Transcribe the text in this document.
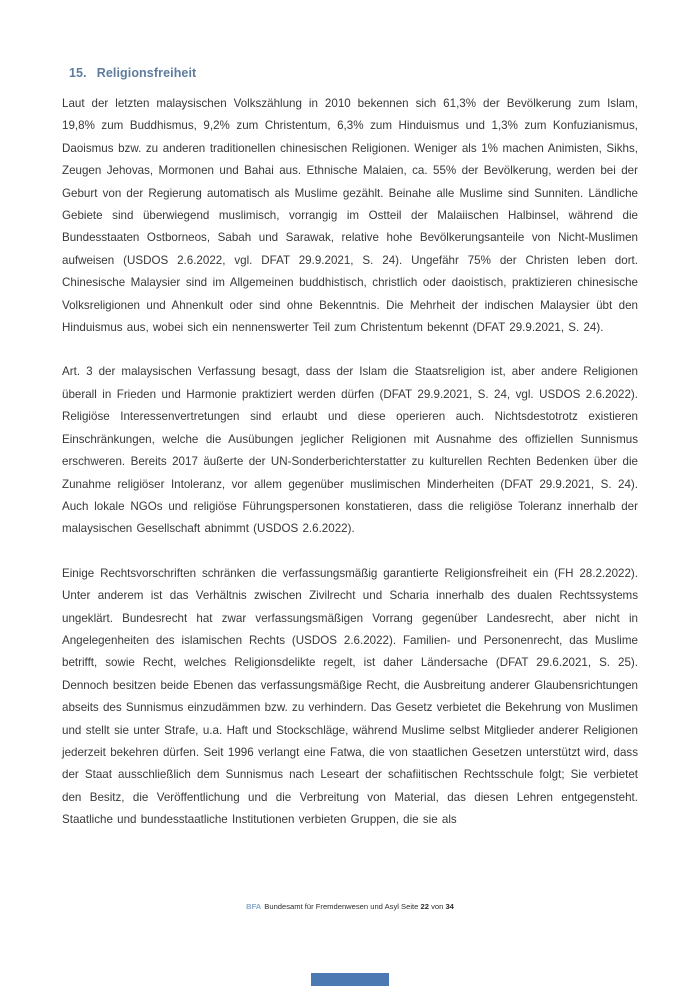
15. Religionsfreiheit

Laut der letzten malaysischen Volkszählung in 2010 bekennen sich 61,3% der Bevölkerung zum Islam, 19,8% zum Buddhismus, 9,2% zum Christentum, 6,3% zum Hinduismus und 1,3% zum Konfuzianismus, Daoismus bzw. zu anderen traditionellen chinesischen Religionen. Weniger als 1% machen Animisten, Sikhs, Zeugen Jehovas, Mormonen und Bahai aus. Ethnische Malaien, ca. 55% der Bevölkerung, werden bei der Geburt von der Regierung automatisch als Muslime gezählt. Beinahe alle Muslime sind Sunniten. Ländliche Gebiete sind überwiegend muslimisch, vorrangig im Ostteil der Malaiischen Halbinsel, während die Bundesstaaten Ostborneos, Sabah und Sarawak, relative hohe Bevölkerungsanteile von Nicht-Muslimen aufweisen (USDOS 2.6.2022, vgl. DFAT 29.9.2021, S. 24). Ungefähr 75% der Christen leben dort. Chinesische Malaysier sind im Allgemeinen buddhistisch, christlich oder daoistisch, praktizieren chinesische Volksreligionen und Ahnenkult oder sind ohne Bekenntnis. Die Mehrheit der indischen Malaysier übt den Hinduismus aus, wobei sich ein nennenswerter Teil zum Christentum bekennt (DFAT 29.9.2021, S. 24).

Art. 3 der malaysischen Verfassung besagt, dass der Islam die Staatsreligion ist, aber andere Religionen überall in Frieden und Harmonie praktiziert werden dürfen (DFAT 29.9.2021, S. 24, vgl. USDOS 2.6.2022). Religiöse Interessenvertretungen sind erlaubt und diese operieren auch. Nichtsdestotrotz existieren Einschränkungen, welche die Ausübungen jeglicher Religionen mit Ausnahme des offiziellen Sunnismus erschweren. Bereits 2017 äußerte der UN-Sonderberichterstatter zu kulturellen Rechten Bedenken über die Zunahme religiöser Intoleranz, vor allem gegenüber muslimischen Minderheiten (DFAT 29.9.2021, S. 24). Auch lokale NGOs und religiöse Führungspersonen konstatieren, dass die religiöse Toleranz innerhalb der malaysischen Gesellschaft abnimmt (USDOS 2.6.2022).

Einige Rechtsvorschriften schränken die verfassungsmäßig garantierte Religionsfreiheit ein (FH 28.2.2022). Unter anderem ist das Verhältnis zwischen Zivilrecht und Scharia innerhalb des dualen Rechtssystems ungeklärt. Bundesrecht hat zwar verfassungsmäßigen Vorrang gegenüber Landesrecht, aber nicht in Angelegenheiten des islamischen Rechts (USDOS 2.6.2022). Familien- und Personenrecht, das Muslime betrifft, sowie Recht, welches Religionsdelikte regelt, ist daher Ländersache (DFAT 29.6.2021, S. 25). Dennoch besitzen beide Ebenen das verfassungsmäßige Recht, die Ausbreitung anderer Glaubensrichtungen abseits des Sunnismus einzudämmen bzw. zu verhindern. Das Gesetz verbietet die Bekehrung von Muslimen und stellt sie unter Strafe, u.a. Haft und Stockschläge, während Muslime selbst Mitglieder anderer Religionen jederzeit bekehren dürfen. Seit 1996 verlangt eine Fatwa, die von staatlichen Gesetzen unterstützt wird, dass der Staat ausschließlich dem Sunnismus nach Leseart der schafiitischen Rechtsschule folgt; Sie verbietet den Besitz, die Veröffentlichung und die Verbreitung von Material, das diesen Lehren entgegensteht. Staatliche und bundesstaatliche Institutionen verbieten Gruppen, die sie als

BFA Bundesamt für Fremdenwesen und Asyl Seite 22 von 34
